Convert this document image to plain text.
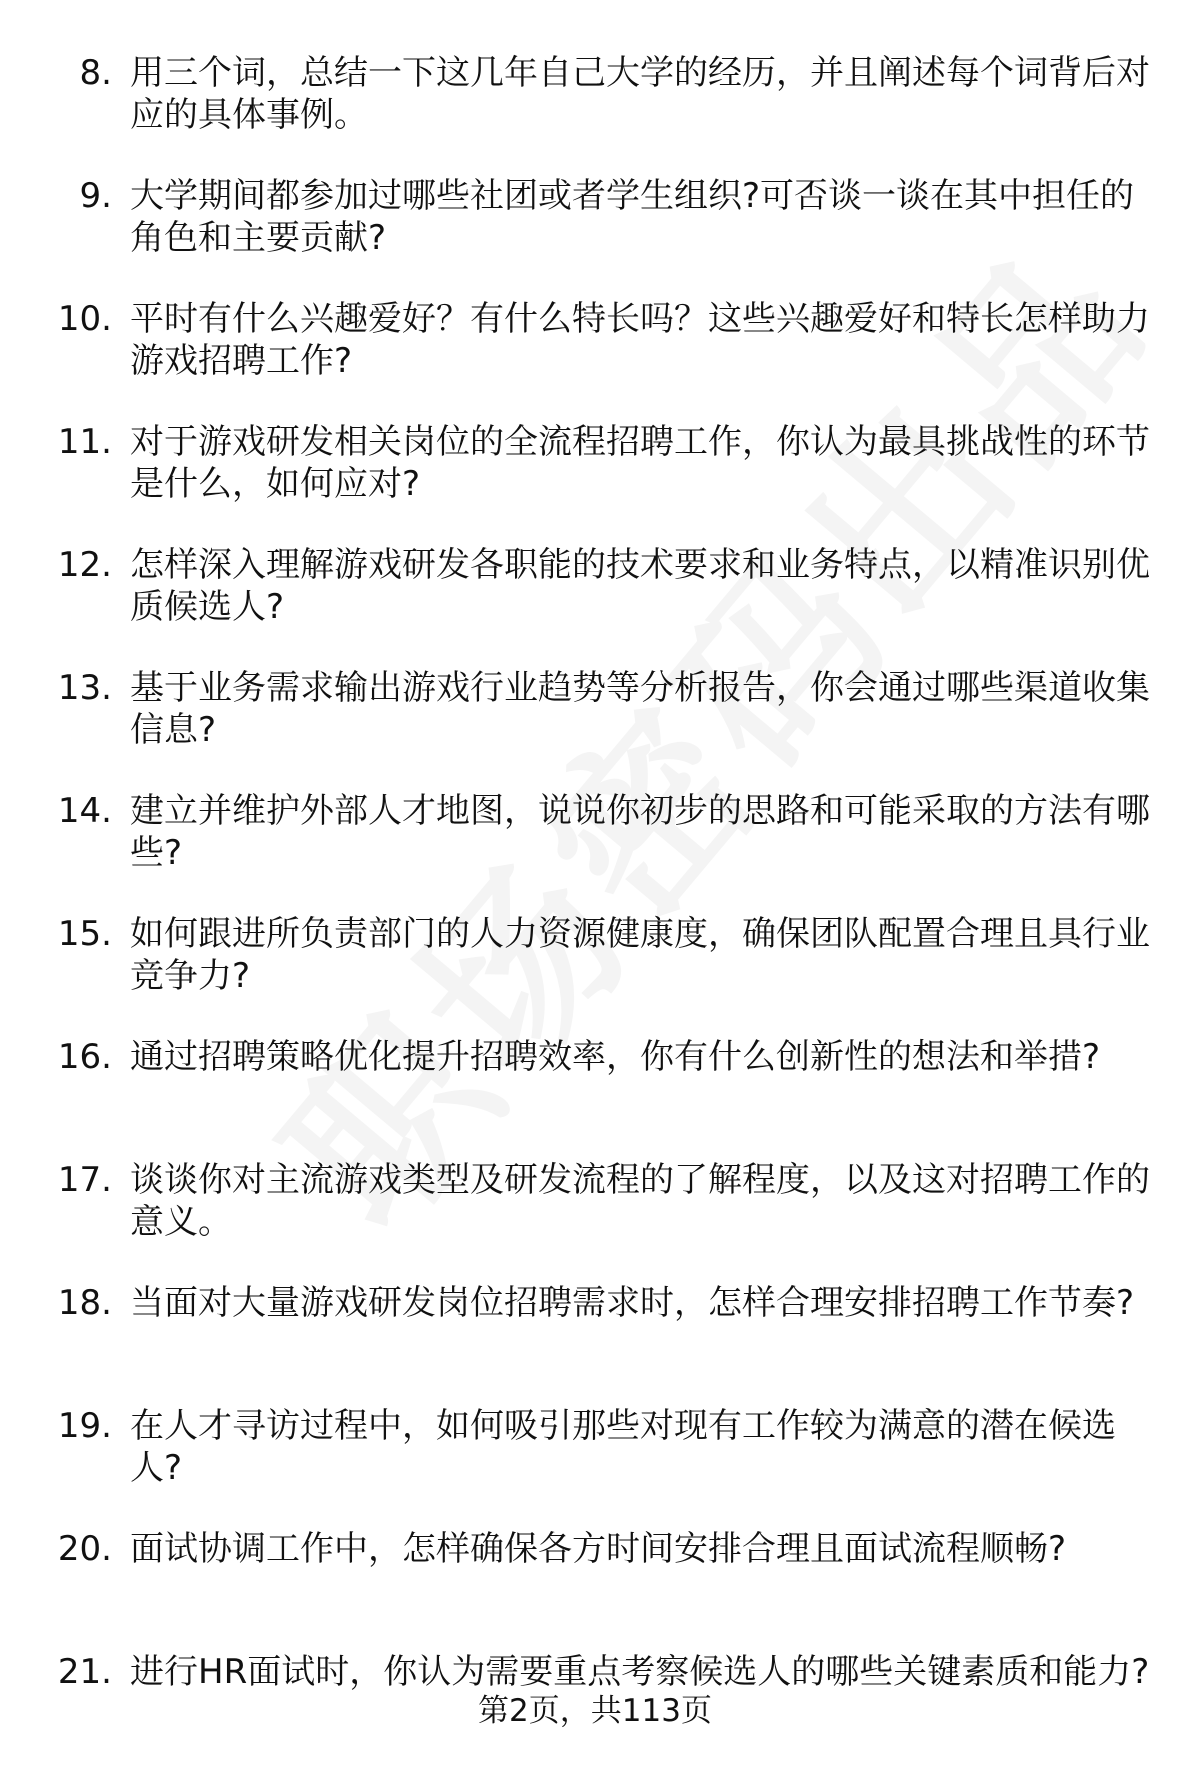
8. 用三个词，总结一下这几年自己大学的经历，并且阐述每个词背后对应的具体事例。
9. 大学期间都参加过哪些社团或者学生组织?可否谈一谈在其中担任的角色和主要贡献?
10. 平时有什么兴趣爱好？有什么特长吗？这些兴趣爱好和特长怎样助力游戏招聘工作?
11. 对于游戏研发相关岗位的全流程招聘工作，你认为最具挑战性的环节是什么，如何应对?
12. 怎样深入理解游戏研发各职能的技术要求和业务特点，以精准识别优质候选人?
13. 基于业务需求输出游戏行业趋势等分析报告，你会通过哪些渠道收集信息?
14. 建立并维护外部人才地图，说说你初步的思路和可能采取的方法有哪些?
15. 如何跟进所负责部门的人力资源健康度，确保团队配置合理且具行业竞争力?
16. 通过招聘策略优化提升招聘效率，你有什么创新性的想法和举措?
17. 谈谈你对主流游戏类型及研发流程的了解程度，以及这对招聘工作的意义。
18. 当面对大量游戏研发岗位招聘需求时，怎样合理安排招聘工作节奏?
19. 在人才寻访过程中，如何吸引那些对现有工作较为满意的潜在候选人?
20. 面试协调工作中，怎样确保各方时间安排合理且面试流程顺畅?
21. 进行HR面试时，你认为需要重点考察候选人的哪些关键素质和能力?
第2页，共113页
